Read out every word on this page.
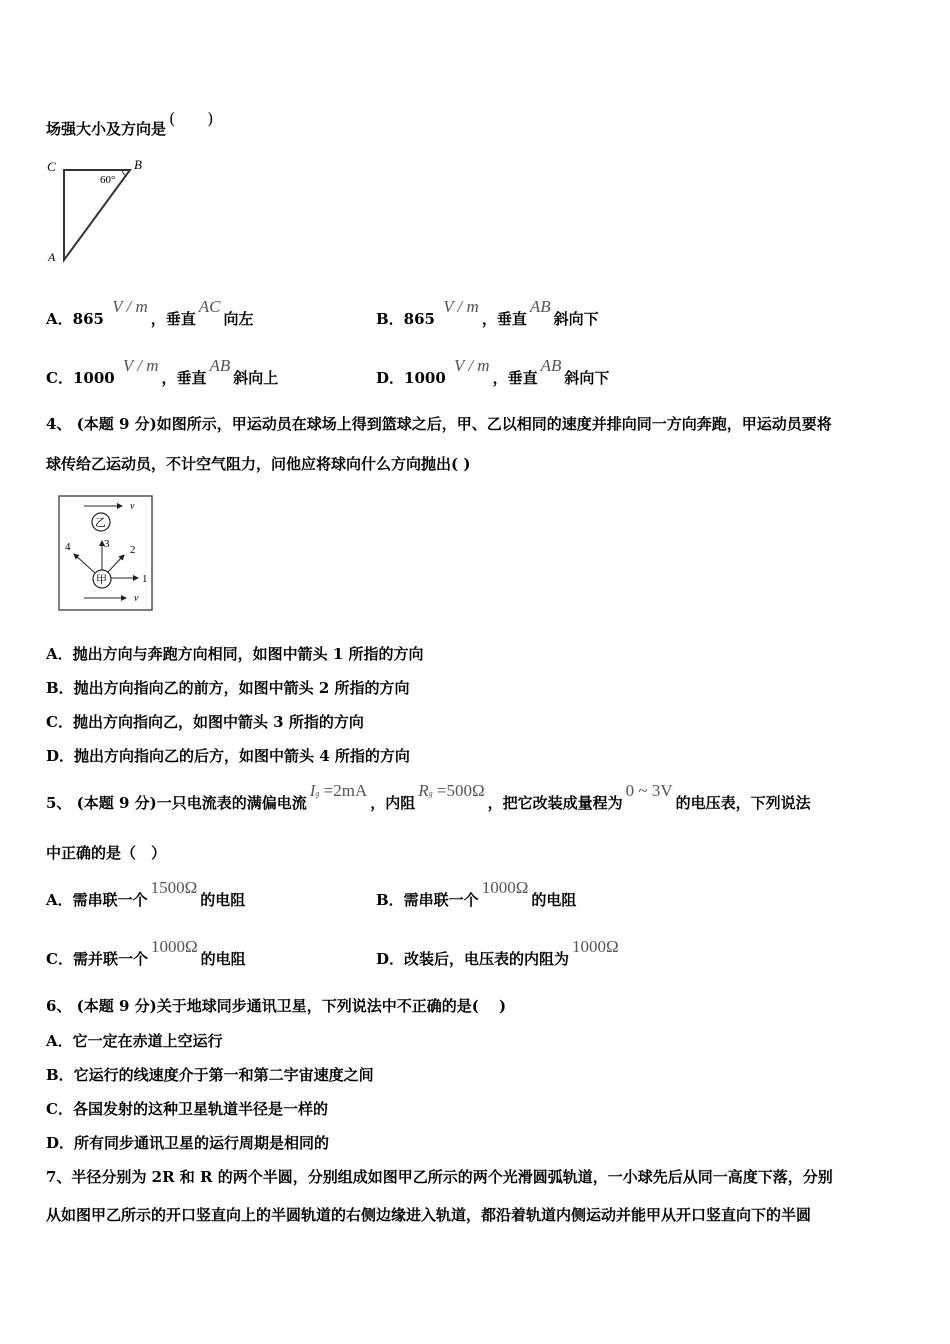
场强大小及方向是(　　)
C	B
A
60°
A．865 V / m，垂直AC向左	B．865 V / m，垂直AB斜向下
C．1000 V / m，垂直AB斜向上	D．1000 V / m，垂直AB斜向下
4、 (本题 9 分)如图所示，甲运动员在球场上得到篮球之后，甲、乙以相同的速度并排向同一方向奔跑，甲运动员要将
球传给乙运动员，不计空气阻力，问他应将球向什么方向抛出( )
v
乙
甲	1
2
3
4
v
A．抛出方向与奔跑方向相同，如图中箭头 1 所指的方向
B．抛出方向指向乙的前方，如图中箭头 2 所指的方向
C．抛出方向指向乙，如图中箭头 3 所指的方向
D．抛出方向指向乙的后方，如图中箭头 4 所指的方向
5、 (本题 9 分)一只电流表的满偏电流Ig =2mA，内阻Rg =500Ω，把它改装成量程为0 ~ 3V的电压表，下列说法
中正确的是（　）
A．需串联一个1500Ω的电阻	B．需串联一个1000Ω的电阻
C．需并联一个1000Ω的电阻	D．改装后，电压表的内阻为1000Ω
6、 (本题 9 分)关于地球同步通讯卫星，下列说法中不正确的是(　 )
A．它一定在赤道上空运行
B．它运行的线速度介于第一和第二宇宙速度之间
C．各国发射的这种卫星轨道半径是一样的
D．所有同步通讯卫星的运行周期是相同的
7、半径分别为 2R 和 R 的两个半圆，分别组成如图甲乙所示的两个光滑圆弧轨道，一小球先后从同一高度下落，分别
从如图甲乙所示的开口竖直向上的半圆轨道的右侧边缘进入轨道，都沿着轨道内侧运动并能甲从开口竖直向下的半圆
